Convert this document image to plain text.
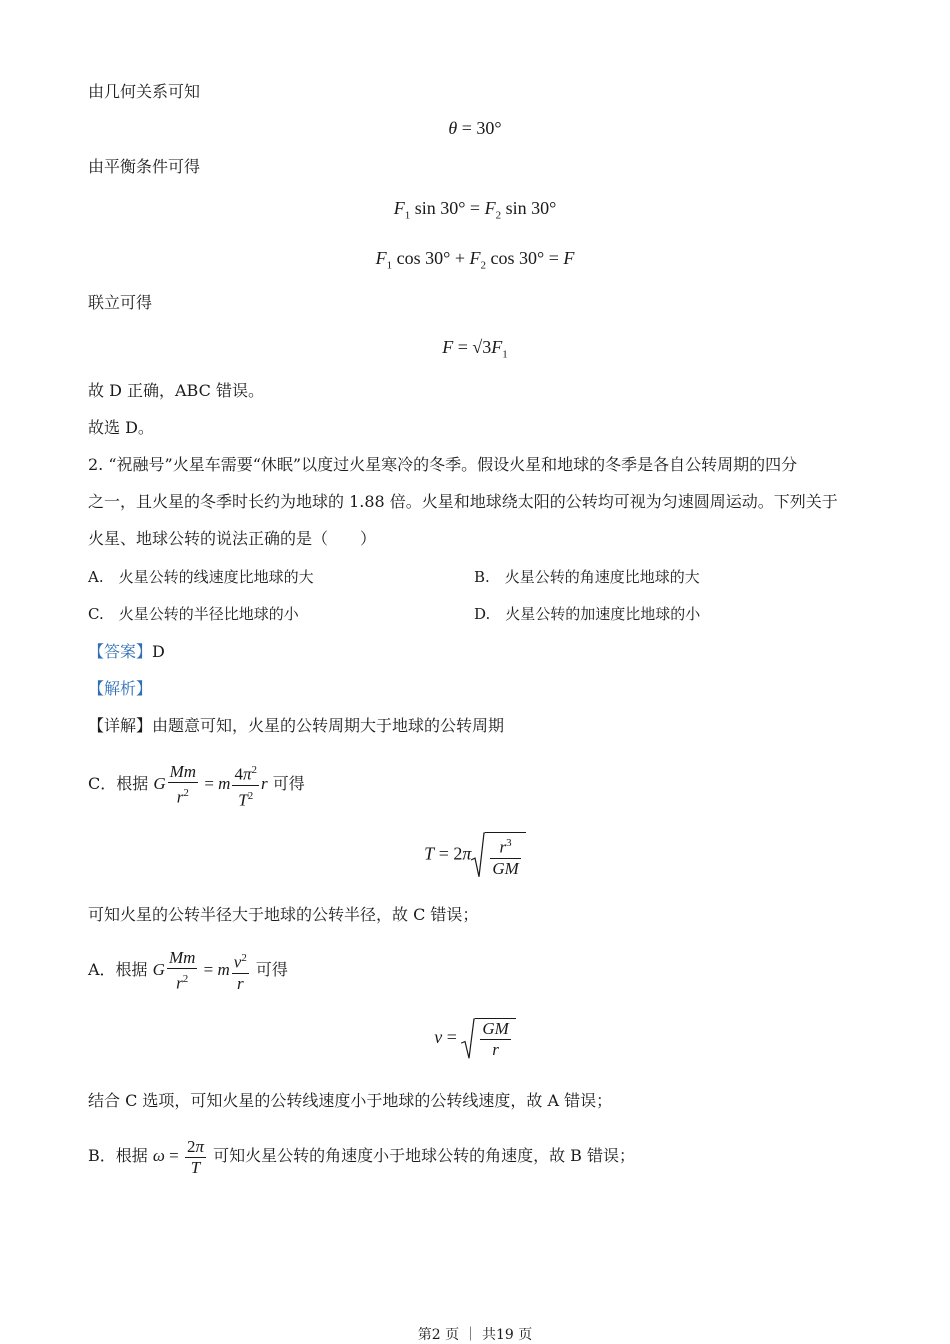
由几何关系可知
θ = 30°
由平衡条件可得
$F_1$ $\sin 30^\circ = F_2$ sin 30°
$F_1$ $\cos 30^\circ + F_2$ cos 30° = F
联立可得
$F = √3F_1$
故 D 正确，ABC 错误。
故选 D。
2. “祝融号”火星车需要“休眠”以度过火星寒冷的冬季。假设火星和地球的冬季是各自公转周期的四分
之一，且火星的冬季时长约为地球的 1.88 倍。火星和地球绕太阳的公转均可视为匀速圆周运动。下列关于
火星、地球公转的说法正确的是（　　）
A.　火星公转的线速度比地球的大	B.　火星公转的角速度比地球的大
C.　火星公转的半径比地球的小	D.　火星公转的加速度比地球的小
【答案】D
【解析】
【详解】由题意可知，火星的公转周期大于地球的公转周期
C．根据 G $\frac{Mm}{r^2} = m \frac{4\pi^2}{T^2}$ r 可得
$T = 2\pi \frac{r^3}{GM}$
可知火星的公转半径大于地球的公转半径，故 C 错误；
A．根据 G $\frac{Mm}{r^2} = m \frac{v^2}{r}$ 可得
$v = \frac{GM}{r}$
结合 C 选项，可知火星的公转线速度小于地球的公转线速度，故 A 错误；
B．根据 $\omega = \frac{2\pi}{T}$ 可知火星公转的角速度小于地球公转的角速度，故 B 错误；
第2 页 ｜ 共19 页
